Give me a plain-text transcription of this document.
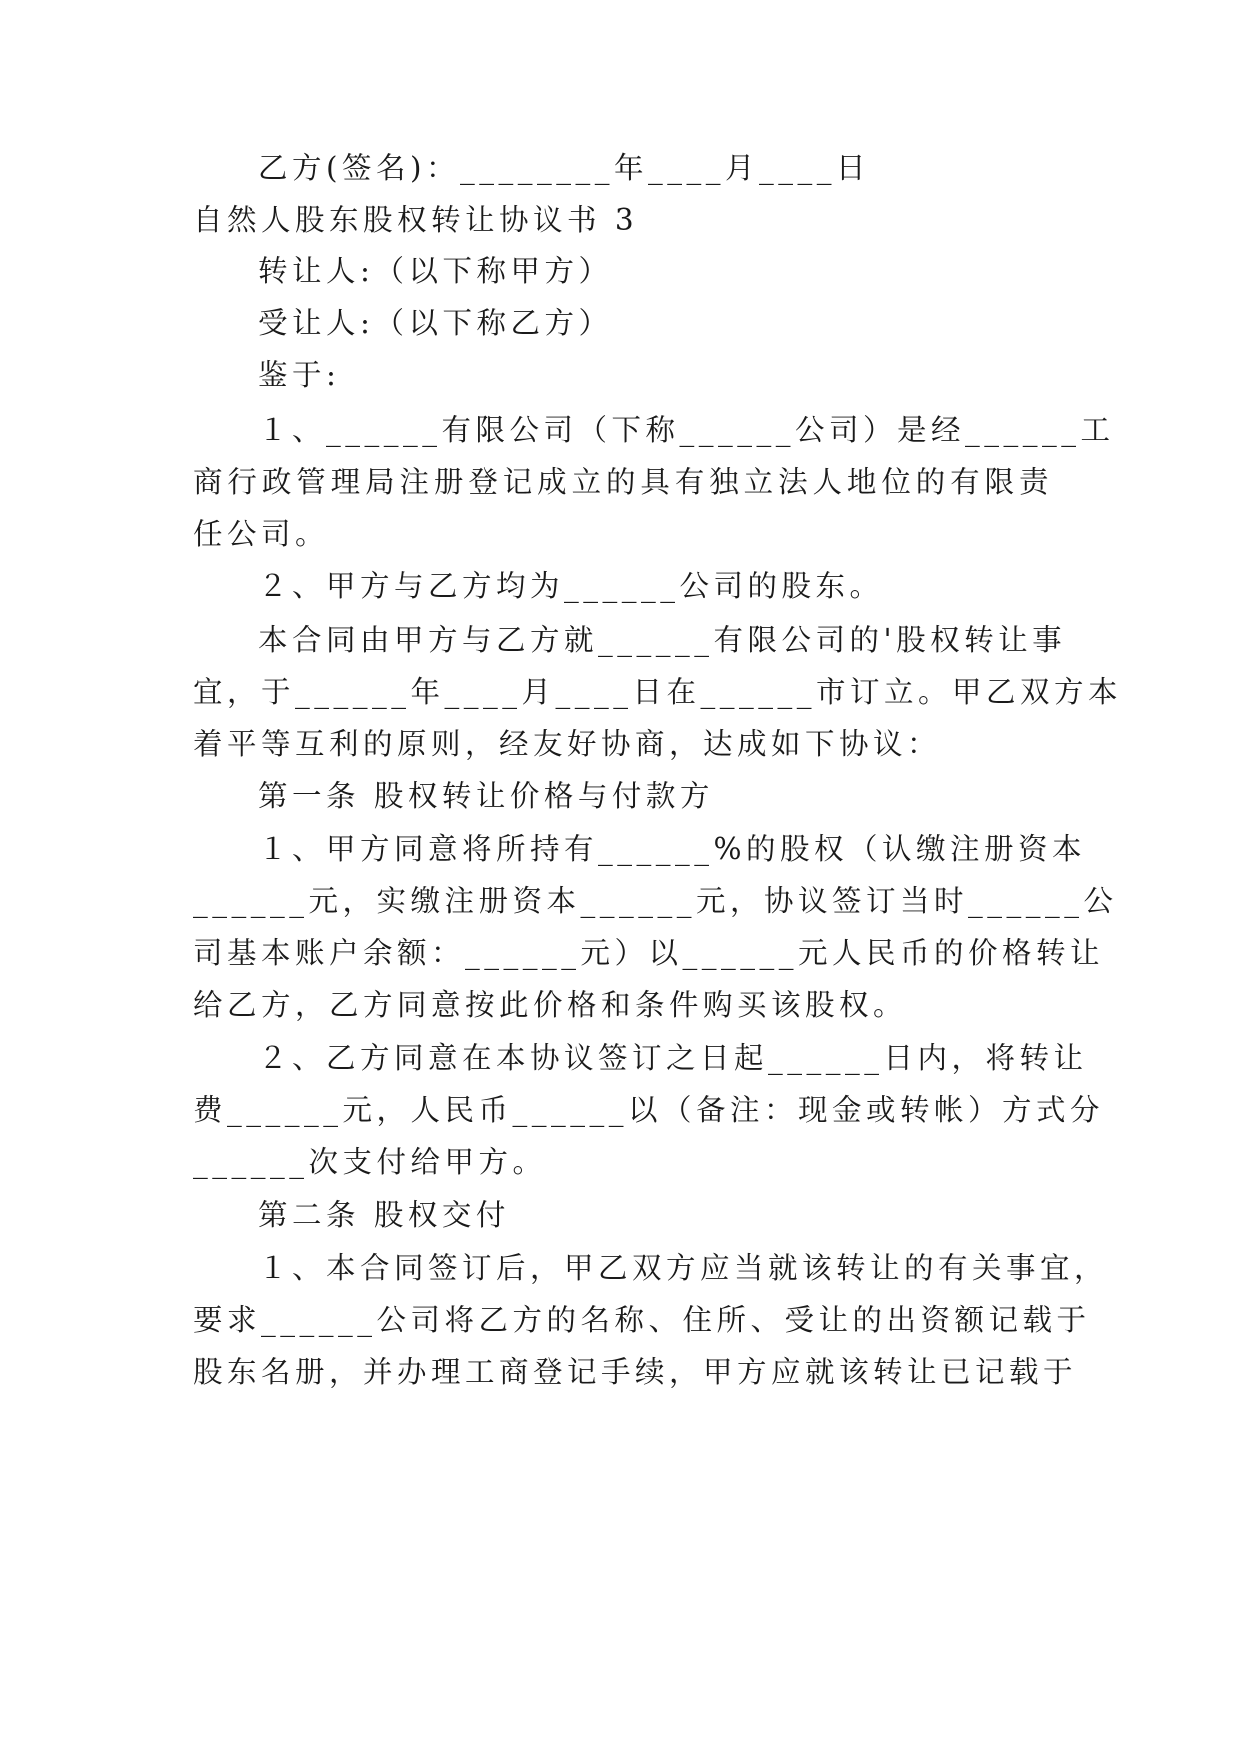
乙方(签名)：________年____月____日
自然人股东股权转让协议书 3
转让人:（以下称甲方）
受让人:（以下称乙方）
鉴于:
１、______有限公司（下称______公司）是经______工
商行政管理局注册登记成立的具有独立法人地位的有限责
任公司。
２、甲方与乙方均为______公司的股东。
本合同由甲方与乙方就______有限公司的'股权转让事
宜，于______年____月____日在______市订立。甲乙双方本
着平等互利的原则，经友好协商，达成如下协议：
第一条 股权转让价格与付款方
１、甲方同意将所持有______%的股权（认缴注册资本
______元，实缴注册资本______元，协议签订当时______公
司基本账户余额：______元）以______元人民币的价格转让
给乙方，乙方同意按此价格和条件购买该股权。
２、乙方同意在本协议签订之日起______日内，将转让
费______元，人民币______以（备注：现金或转帐）方式分
______次支付给甲方。
第二条 股权交付
１、本合同签订后，甲乙双方应当就该转让的有关事宜，
要求______公司将乙方的名称、住所、受让的出资额记载于
股东名册，并办理工商登记手续，甲方应就该转让已记载于
